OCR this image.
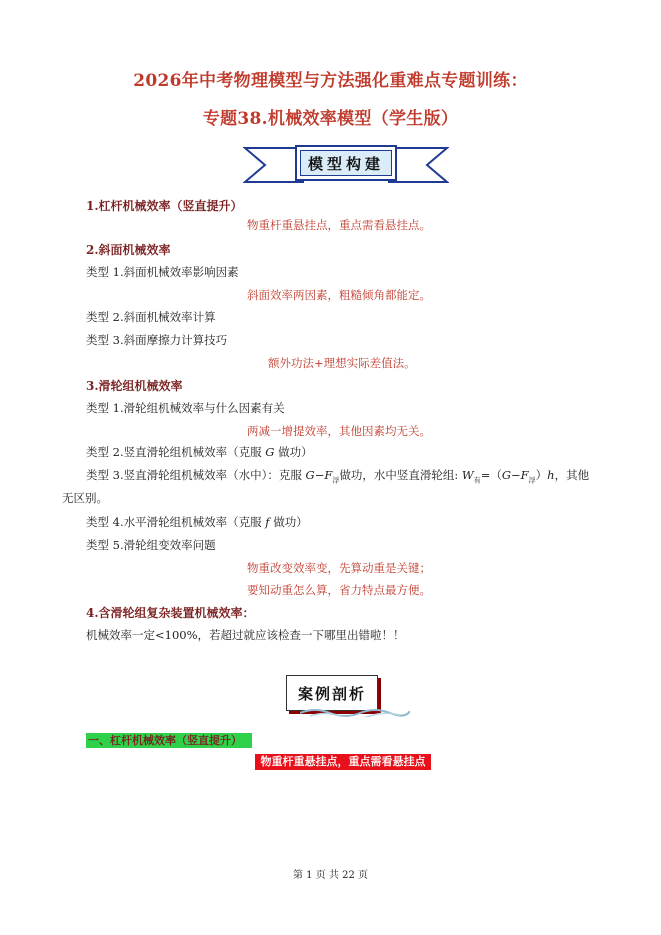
2026年中考物理模型与方法强化重难点专题训练：
专题38.机械效率模型（学生版）
模型构建
1.杠杆机械效率（竖直提升）
物重杆重悬挂点，重点需看悬挂点。
2.斜面机械效率
类型 1.斜面机械效率影响因素
斜面效率两因素，粗糙倾角都能定。
类型 2.斜面机械效率计算
类型 3.斜面摩擦力计算技巧
额外功法+理想实际差值法。
3.滑轮组机械效率
类型 1.滑轮组机械效率与什么因素有关
两减一增提效率，其他因素均无关。
类型 2.竖直滑轮组机械效率（克服 G 做功）
类型 3.竖直滑轮组机械效率（水中）：克服 $G-F_浮$做功，水中竖直滑轮组: $W_有=(G-F_浮)h$，其他
无区别。
类型 4.水平滑轮组机械效率（克服 f 做功）
类型 5.滑轮组变效率问题
物重改变效率变，先算动重是关键；
要知动重怎么算，省力特点最方便。
4.含滑轮组复杂装置机械效率：
机械效率一定<100%，若超过就应该检查一下哪里出错啦！！
案例剖析
一、杠杆机械效率（竖直提升）
物重杆重悬挂点，重点需看悬挂点
第 1 页 共 22 页
